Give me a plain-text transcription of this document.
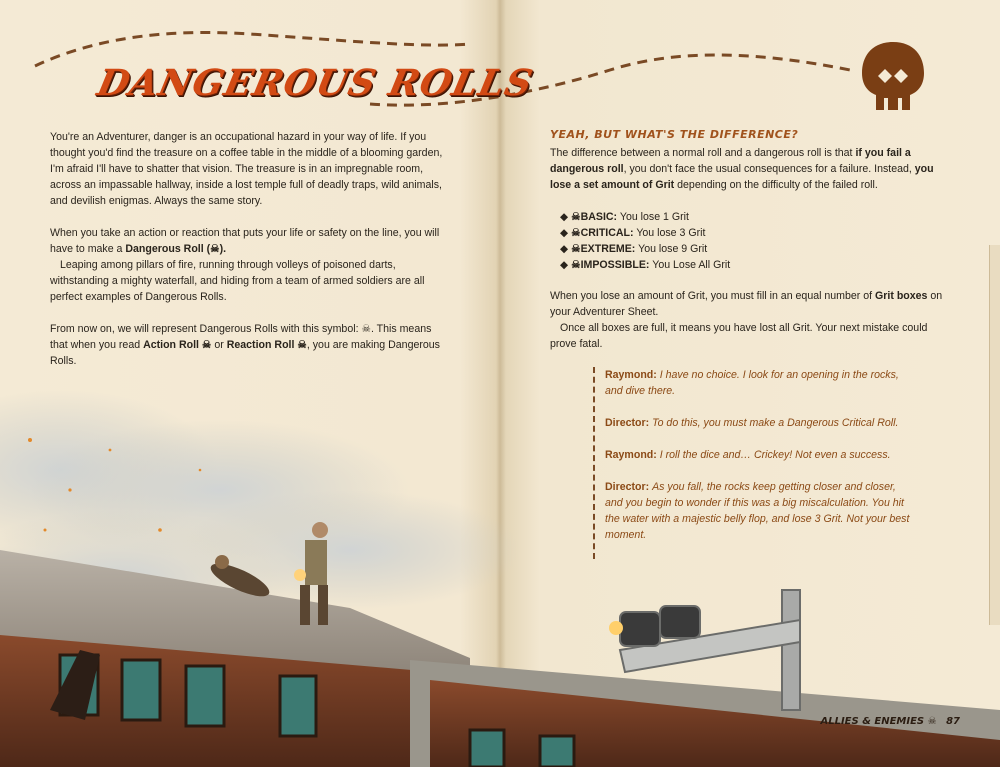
DANGEROUS ROLLS

You're an Adventurer, danger is an occupational hazard in your way of life. If you thought you'd find the treasure on a coffee table in the middle of a blooming garden, I'm afraid I'll have to shatter that vision. The treasure is in an impregnable room, across an impassable hallway, inside a lost temple full of deadly traps, wild animals, and devilish enigmas. Always the same story.

When you take an action or reaction that puts your life or safety on the line, you will have to make a Dangerous Roll (☠).

Leaping among pillars of fire, running through volleys of poisoned darts, withstanding a mighty waterfall, and hiding from a team of armed soldiers are all perfect examples of Dangerous Rolls.

From now on, we will represent Dangerous Rolls with this symbol: ☠. This means that when you read Action Roll ☠ or Reaction Roll ☠, you are making Dangerous Rolls.

YEAH, BUT WHAT'S THE DIFFERENCE?

The difference between a normal roll and a dangerous roll is that if you fail a dangerous roll, you don't face the usual consequences for a failure. Instead, you lose a set amount of Grit depending on the difficulty of the failed roll.

◆ ☠BASIC: You lose 1 Grit
◆ ☠CRITICAL: You lose 3 Grit
◆ ☠EXTREME: You lose 9 Grit
◆ ☠IMPOSSIBLE: You Lose All Grit

When you lose an amount of Grit, you must fill in an equal number of Grit boxes on your Adventurer Sheet.

Once all boxes are full, it means you have lost all Grit. Your next mistake could prove fatal.

Raymond: I have no choice. I look for an opening in the rocks, and dive there.

Director: To do this, you must make a Dangerous Critical Roll.

Raymond: I roll the dice and… Crickey! Not even a success.

Director: As you fall, the rocks keep getting closer and closer, and you begin to wonder if this was a big miscalculation. You hit the water with a majestic belly flop, and lose 3 Grit. Not your best moment.

ALLIES & ENEMIES ☠ 87
